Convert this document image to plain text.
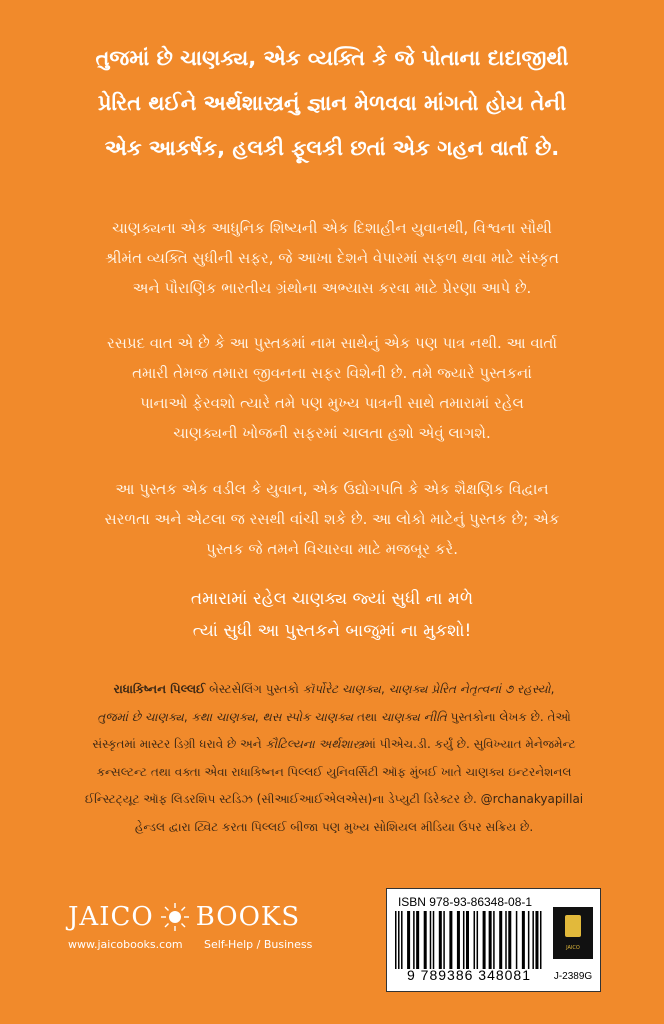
તુજમાં છે ચાણક્ય, એક વ્યક્તિ કે જે પોતાના દાદાજીથી
પ્રેરિત થઈને અર્થશાસ્ત્રનું જ્ઞાન મેળવવા માંગતો હોય તેની
એક આકર્ષક, હલકી ફૂલકી છતાં એક ગહન વાર્તા છે.
ચાણક્યના એક આધુનિક શિષ્યની એક દિશાહીન યુવાનથી, વિશ્વના સૌથી
શ્રીમંત વ્યક્તિ સુધીની સફર, જે આખા દેશને વેપારમાં સફળ થવા માટે સંસ્કૃત
અને પૌરાણિક ભારતીય ગ્રંથોના અભ્યાસ કરવા માટે પ્રેરણા આપે છે.
રસપ્રદ વાત એ છે કે આ પુસ્તકમાં નામ સાથેનું એક પણ પાત્ર નથી. આ વાર્તા
તમારી તેમજ તમારા જીવનના સફર વિશેની છે. તમે જ્યારે પુસ્તકનાં
પાનાઓ ફેરવશો ત્યારે તમે પણ મુખ્ય પાત્રની સાથે તમારામાં રહેલ
ચાણક્યની ખોજની સફરમાં ચાલતા હશો એવું લાગશે.
આ પુસ્તક એક વડીલ કે યુવાન, એક ઉદ્યોગપતિ કે એક શૈક્ષણિક વિદ્વાન
સરળતા અને એટલા જ રસથી વાંચી શકે છે. આ લોકો માટેનું પુસ્તક છે; એક
પુસ્તક જે તમને વિચારવા માટે મજબૂર કરે.
તમારામાં રહેલ ચાણક્ય જ્યાં સુધી ના મળે
ત્યાં સુધી આ પુસ્તકને બાજુમાં ના મુકશો!
રાધાકિષ્નન પિલ્લઈ બેસ્ટસેલિંગ પુસ્તકો કૉર્પોરેટ ચાણક્ય, ચાણક્ય પ્રેરિત નેતૃત્વનાં ૭ રહસ્યો,
તુજમાં છે ચાણક્ય, કથા ચાણક્ય, થસ સ્પોક ચાણક્ય તથા ચાણક્ય નીતિ પુસ્તકોના લેખક છે. તેઓ
સંસ્કૃતમાં માસ્ટર ડિગ્રી ધરાવે છે અને કૌટિલ્યના અર્થશાસ્ત્રમાં પીએચ.ડી. કર્યું છે. સુવિખ્યાત મેનેજમેન્ટ
કન્સલ્ટન્ટ તથા વક્તા એવા રાધાકિષ્નન પિલ્લઈ યુનિવર્સિટી ઑફ મુંબઈ ખાતે ચાણક્ય ઇન્ટરનેશનલ
ઈન્સ્ટિટ્યૂટ ઑફ લિડરશિપ સ્ટડિઝ (સીઆઈઆઈએલએસ)ના ડેપ્યુટી ડિરેક્ટર છે. @rchanakyapillai
હેન્ડલ દ્વારા ટ્વિટ કરતા પિલ્લઈ બીજા પણ મુખ્ય સોશિયલ મીડિયા ઉપર સક્રિય છે.
JAICO BOOKS
www.jaicobooks.com	Self-Help / Business
ISBN 978-93-86348-08-1
9 789386 348081
JAICO
J-2389G
